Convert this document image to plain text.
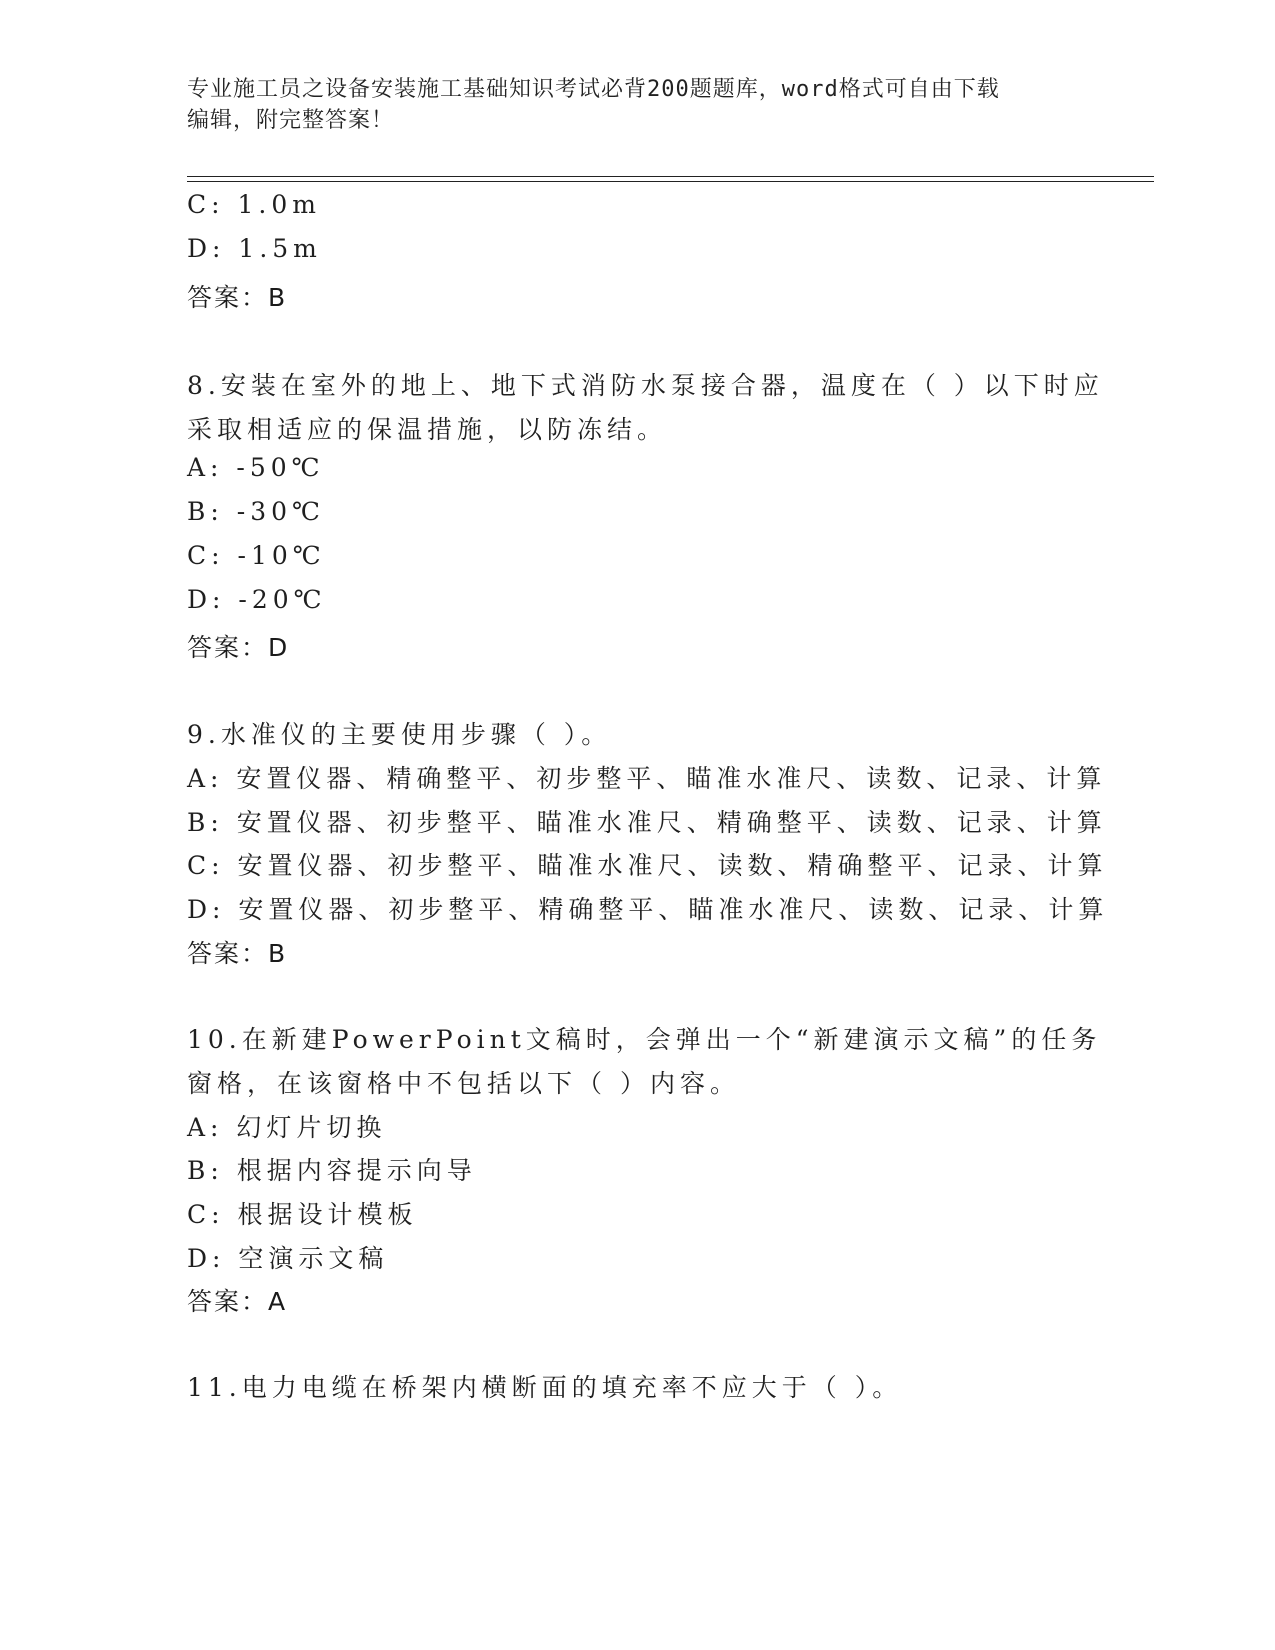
专业施工员之设备安装施工基础知识考试必背200题题库，word格式可自由下载
编辑，附完整答案！
C: 1.0m
D: 1.5m
答案：B
8.安装在室外的地上、地下式消防水泵接合器，温度在（ ）以下时应
采取相适应的保温措施，以防冻结。
A: -50℃
B: -30℃
C: -10℃
D: -20℃
答案：D
9.水准仪的主要使用步骤（ ）。
A: 安置仪器、精确整平、初步整平、瞄准水准尺、读数、记录、计算
B: 安置仪器、初步整平、瞄准水准尺、精确整平、读数、记录、计算
C: 安置仪器、初步整平、瞄准水准尺、读数、精确整平、记录、计算
D: 安置仪器、初步整平、精确整平、瞄准水准尺、读数、记录、计算
答案：B
10.在新建PowerPoint文稿时，会弹出一个“新建演示文稿”的任务
窗格，在该窗格中不包括以下（ ）内容。
A: 幻灯片切换
B: 根据内容提示向导
C: 根据设计模板
D: 空演示文稿
答案：A
11.电力电缆在桥架内横断面的填充率不应大于（ ）。
